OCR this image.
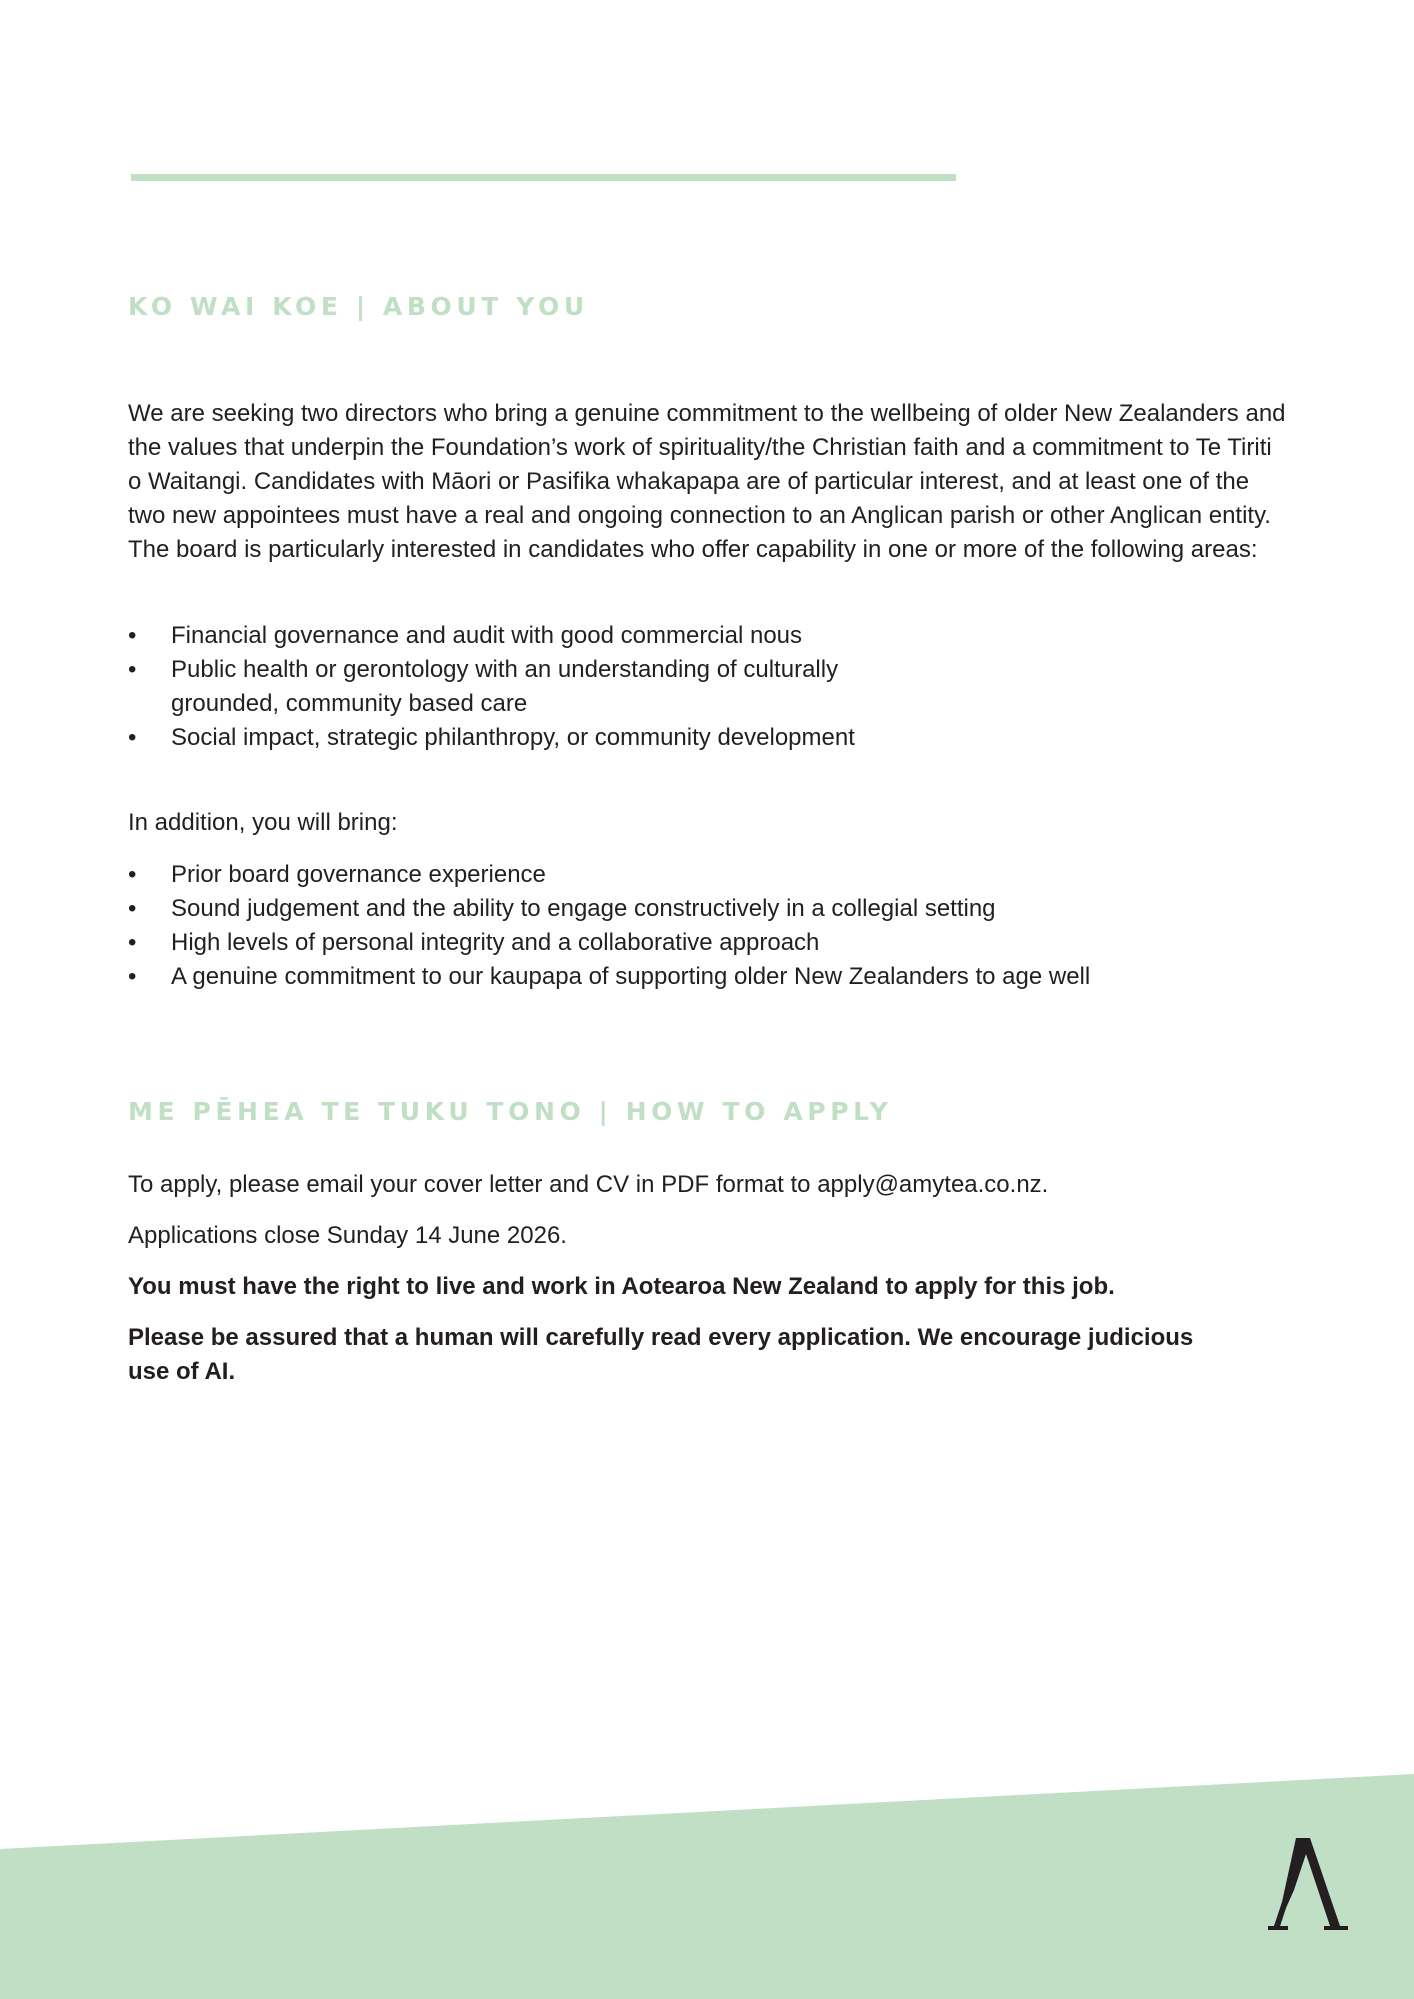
KO WAI KOE | ABOUT YOU

We are seeking two directors who bring a genuine commitment to the wellbeing of older New Zealanders and the values that underpin the Foundation’s work of spirituality/the Christian faith and a commitment to Te Tiriti o Waitangi. Candidates with Māori or Pasifika whakapapa are of particular interest, and at least one of the two new appointees must have a real and ongoing connection to an Anglican parish or other Anglican entity. The board is particularly interested in candidates who offer capability in one or more of the following areas:

• Financial governance and audit with good commercial nous
• Public health or gerontology with an understanding of culturally grounded, community based care
• Social impact, strategic philanthropy, or community development

In addition, you will bring:

• Prior board governance experience
• Sound judgement and the ability to engage constructively in a collegial setting
• High levels of personal integrity and a collaborative approach
• A genuine commitment to our kaupapa of supporting older New Zealanders to age well
ME PĒHEA TE TUKU TONO | HOW TO APPLY

To apply, please email your cover letter and CV in PDF format to apply@amytea.co.nz.

Applications close Sunday 14 June 2026.

You must have the right to live and work in Aotearoa New Zealand to apply for this job.

Please be assured that a human will carefully read every application. We encourage judicious use of AI.
